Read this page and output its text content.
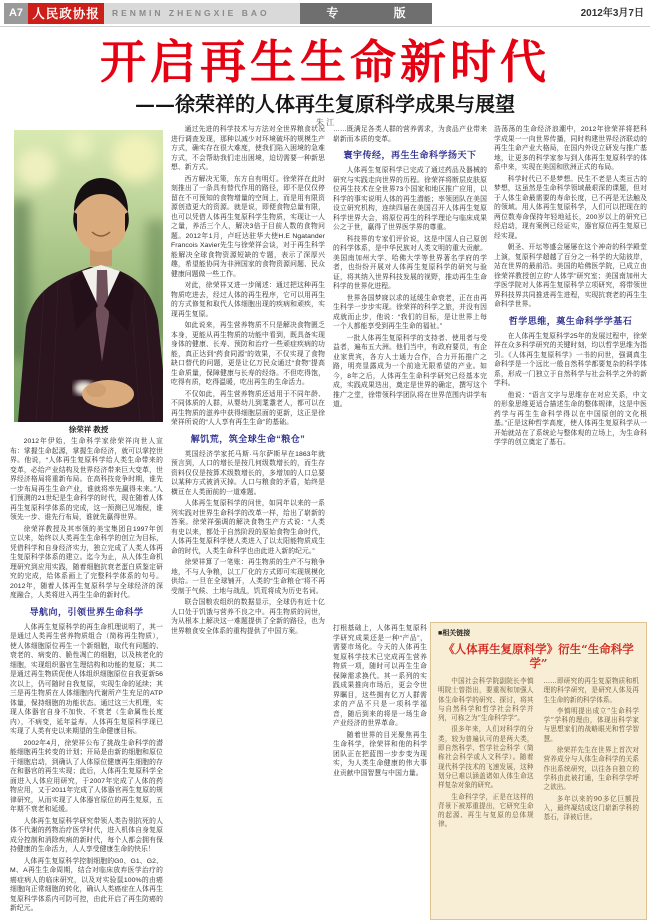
A7 人民政协报	RENMIN ZHENGXIE BAO	专 版	2012年3月7日
开启再生生命新时代
——徐荣祥的人体再生复原科学成果与展望
朱 江
徐荣祥 教授

2012年伊始，生命科学家徐荣祥向世人宣布：掌握生命起源，掌握生命经济，就可以掌控世界。他说，“人体再生复原科学给人类生命带来的变革，必给产业结构及世界经济带来巨大变革，世界经济格局将重新布局。在高科技竞争时期，谁先一步布局再生生命产业，谁就将率先赢得未来。”人们预测的21世纪是生命科学的时代，现在随着人体再生复原科学体系的完成，这一预测已见端倪，谁领先一步、谁先行布局，谁就先赢得世界。

徐荣祥教授及其率领的美宝集团自1997年创立以来，始终以人类再生生命科学的创立为目标，凭借科学和自身经济实力，独立完成了人类人体再生复原科学体系的建立。迄今为止，从人体生命机理研究到应用实践，随着细胞抗衰老蛋白质鉴定研究的完成，给体系画上了完整科学体系的句号。2012年，随着人体再生复原科学与全球经济的深度融合，人类将进入再生生命的新时代。

导航向，引领世界生命科学

人体再生复原科学的再生命机理说明了，其一是通过人类再生营养物质组合（简称再生物质），使人体细胞原位再生一个新细胞，取代有问题的、衰老的、病变的、脆性凋亡的细胞，以及核老化的细胞，实现组织器官生理结构和功能的复原；其二是通过再生物质促使人体组织细胞原位自我更新56次以上，仍可随时自我复原，实现生命的延续；其三是再生物质在人体细胞内代谢所产生充足的ATP体量，保持细胞的功能状态。通过这三大机理，实现人体器官自身不加快、不衰老（生命属性长度内），不病变，延年益寿。人体再生复原科学现已实现了人类有史以来期望的生命健康目标。

2002年4月，徐荣祥公布了挑战生命科学的潜能细胞再生转变的计划；开局是由新的细胞和原位干细胞启动，到确认了人体原位健康再生细胞的存在和器官的再生实现；此后，人体再生复原科学全面进入人体应用研究，于2007年完成了人体的药物应用，又于2011年完成了人体器官再生复原的规律研究，从而实现了人体器官原位的再生复原，五年期不衰老和延缓。

人体再生复原科学研究带领人类告别抗死的人体不代谢的药物治疗医学时代，进入机体自身复原成分控制和消除疾病的新时代，每个人都会拥有保持健康的生命活力，人人享受健康生命的快乐！

人体再生复原科学控制细胞的G0、G1、G2、M、A再生生命周期，结合对临床放弃医学治疗的癌症病人的临床研究，以及对实验鼠100%的由癌细胞向正常细胞的转化，确认人类癌症在人体再生复原科学体系内可防可控，由此开启了再生防癌的新纪元。

通过先进的科学技术与方法对全世界粮食状况进行调查发现，那种以减少对环境破坏的规模生产方式，确实存在很大难度，使我们陷入困境的急难方式，不会帮助我们走出困境，迫切需要一种新思想、新方式。

西方解决无策，东方自有明灯。徐荣祥在此时刻推出了一条具有替代作用的路径，即不是仅仅停留在不可预知的食物增量的空间上，而是用有限资源创造更大的资源。就是说，即便食物总量有限，也可以凭借人体再生复原科学生物质，实现让一人之量，养活三个人，解决3倍于目前人数的食物问题。2012年1月，卢旺达驻华大使H.E Ngatander Francois Xavier先生与徐荣祥会谈，对于再生科学能解决全球食物资源短缺的专题，表示了深厚兴趣，希望能协同为非洲国家的食物资源问题、民众健康问题做一些工作。

对此，徐荣祥又进一步阐述：通过把这种再生物质吃进去，经过人体的再生程序，它可以用再生的方式修复和取代人体细胞出现的疾病和顽疾，实现再生复原。

如此说来，再生营养物质不只是解决食物匮乏本身，更能从再生物质的功能中看到，既具备实现身体的健康、长寿、预防和治疗一些顽症疾病的功能，真正达到“药食同源”的效果，不仅实现了食物缺口替代的问题，更是让亿万民众通过“食物”提高生命质量，保障健康与长寿的经络。不但吃得饱，吃得有质，吃得温暖，吃出再生的生命活力。

不仅如此，再生营养物质还适用于不同年龄、不同体质的人群，从婴幼儿到耄耋老人，都可以在再生物质的滋养中获得细胞层面的更新，这正是徐荣祥所说的“人人享有再生生命”的基础。

解饥荒，筑全球生命“粮仓”

英国经济学家托马斯·马尔萨斯早在1863年就预言到，人口的增长是按几何级数增长的，而生存资料仅仅是按算术级数增长的，多增加的人口总要以某种方式被消灭掉。人口与粮食的矛盾，始终是横亘在人类面前的一道难题。

人体再生复原科学的问世，如同年以来的一系列实践对世界生命科学的改革一样，给出了崭新的答案。徐荣祥强调的解决食物生产方式说：“人类有史以来，都处于自然阶段的原始食物生命时代，人体再生复原科学使人类进入了以太阳能物质成生命的时代，人类生命科学也由此进入新的纪元。”

徐荣祥算了一笔账：再生物质的生产不与粮争地，不与人争粮，以工厂化的方式即可实现规模化供给。一旦在全球铺开，人类的“生命粮仓”将不再受制于气候、土地与战乱，饥荒将成为历史名词。

联合国粮农组织的数据显示，全球仍有近十亿人口处于饥饿与营养不良之中。再生物质的问世，为从根本上解决这一难题提供了全新的路径，也为世界粮食安全体系的重构提供了中国方案。

……既满足各类人群的营养需求，为食品产业带来崭新而本质的变革。

寰宇传经，再生生命科学扬天下

人体再生复原科学已完成了通过药品及器械的研究与实践走向世界的历程。徐荣祥将断层皮肤原位再生技术在全世界73个国家和地区推广应用，以科学的事实说明人体的再生潜能；率领团队在美国设立研究机构，连续四届在美国召开人体再生复原科学世界大会，将原位再生的科学理论与临床成果公之于世，赢得了世界医学界的尊重。

科技界的专家们评价说，这是中国人自己原创的科学体系，是中华民族对人类文明的重大贡献。美国南加州大学、哈佛大学等世界著名学府的学者，也纷纷开展对人体再生复原科学的研究与验证，将其纳入世界科技发展的视野，推动再生生命科学的世界化进程。

世界各国梦寐以求的延缓生命衰老，正在由再生科学一步步实现。徐荣祥的科学之旅，并没有因成就而止步，他说：“我们的目标，是让世界上每一个人都能享受到再生生命的福祉。”

一批人体再生复原科学的支持者、使用者与受益者，遍布五大洲。他们当中，有政府要员，有企业家贵宾，各方人士通力合作，合力开拓推广之路，明亮显露成为一个前途无限希望的产业。如今，8年之后，人体再生生命科学研究已经基本完成，实践成果迭出，奠定是世界的确定，撰写这个推广之堂，徐带领科学团队将在世界范围内讲学布道。

打根基础上，人体再生复原科学研究成果还是一种“产品”，需要市场化。今天的人体再生复原科学技术已完成再生营养物质一项，随时可以再生生命保障需求换代。其一系列的实践成果推向市场后，更会令世界瞩目，这些拥有亿万人群需求的产品不只是一项科学福音，随后到来的将是一场生命产业经济的世界革命。

随着世界的目光聚焦再生生命科学，徐荣祥和他的科学团队正在把蓝图一步步变为现实，为人类生命健康的伟大事业贡献中国智慧与中国力量。

浩荡荡的生命经济浪潮中，2012年徐荣祥将把科学成果一一向世界传播，同时构建世界经济联动的再生生命产业大格局，在国内外设立研发与推广基地，让更多的科学家参与到人体再生复原科学的体系中来，实现在美国和欧洲正式的布局。

科学时代已不是梦想。民生不老是人类亘古的梦想，这虽然是生命科学领域最艰深的课题，但对于人体生命最需要的寿命长度，已不再是无法触及的领域。用人体再生复原科学，人们可以把现在的两位数寿命保持年轻地延长，200岁以上的研究已经启动，现有案例已经证实，器官原位再生复原已经实现。

朝圣、开坛等盛会屡屡在这个神奇的科学殿堂上演，复原科学超越了百分之一科学的大陆彼岸，站在世界的最前沿。美国的哈佛医学院，已成立由徐荣祥教授创立的“人体学”研究室；美国南加州大学医学院对人体再生复原科学立项研究，将带领世界科技界共同推进再生进程，实现抗衰老的再生生命科学世界。

哲学思维，奠生命科学学基石

在人体再生复原科学25年的发展过程中，徐荣祥在众多科学研究的关键时刻，均以哲学思维为指引。《人体再生复原科学》一书的问世，强调真生命科学是一个远比一般自然科学都要复杂的科学体系，形成一门独立于自然科学与社会科学之外的新学科。

他说：“语言文字与思维存在对应关系，中文的形象思维更适合描述生命的整体规律，这是中医药学与再生生命科学得以在中国原创的文化根基。”正是这种哲学高度，使人体再生复原科学从一开始就站在了系统论与整体观的立场上，为生命科学学的创立奠定了基石。

■相关链接
《人体再生复原科学》衍生“生命科学学”

中国社会科学院副院长李慎明院士曾指出，要重视和加强人体生命科学的研究、探讨，将其与自然科学和哲学社会科学并列，可称之为“生命科学学”。

很多年来，人们对科学的分类，较为普遍认可的是两大类，即自然科学、哲学社会科学（简称社会科学或人文科学）。随着现代科学技术的飞速发展，这种划分已难以涵盖诸如人体生命这样复杂对象的研究。

生命科学学，正是在这样的背景下被郑重提出，它研究生命的起源、再生与复原的总体规律。

……即研究的再生复原物质和机理的科学研究，是研究人体及再生生命的新的科学体系。

李慎明提出成立“生命科学学”学科的理由，体现出科学家与思想家们的战略眼光和哲学智慧。

徐荣祥先生在世界上首次对营养成分与人体生命科学的关系作出系统研究，以往各自独立的学科由此被打通，生命科学学呼之欲出。

多年以来的90多亿巨额投入，最终凝结成这门崭新学科的基石，泽被后世。
